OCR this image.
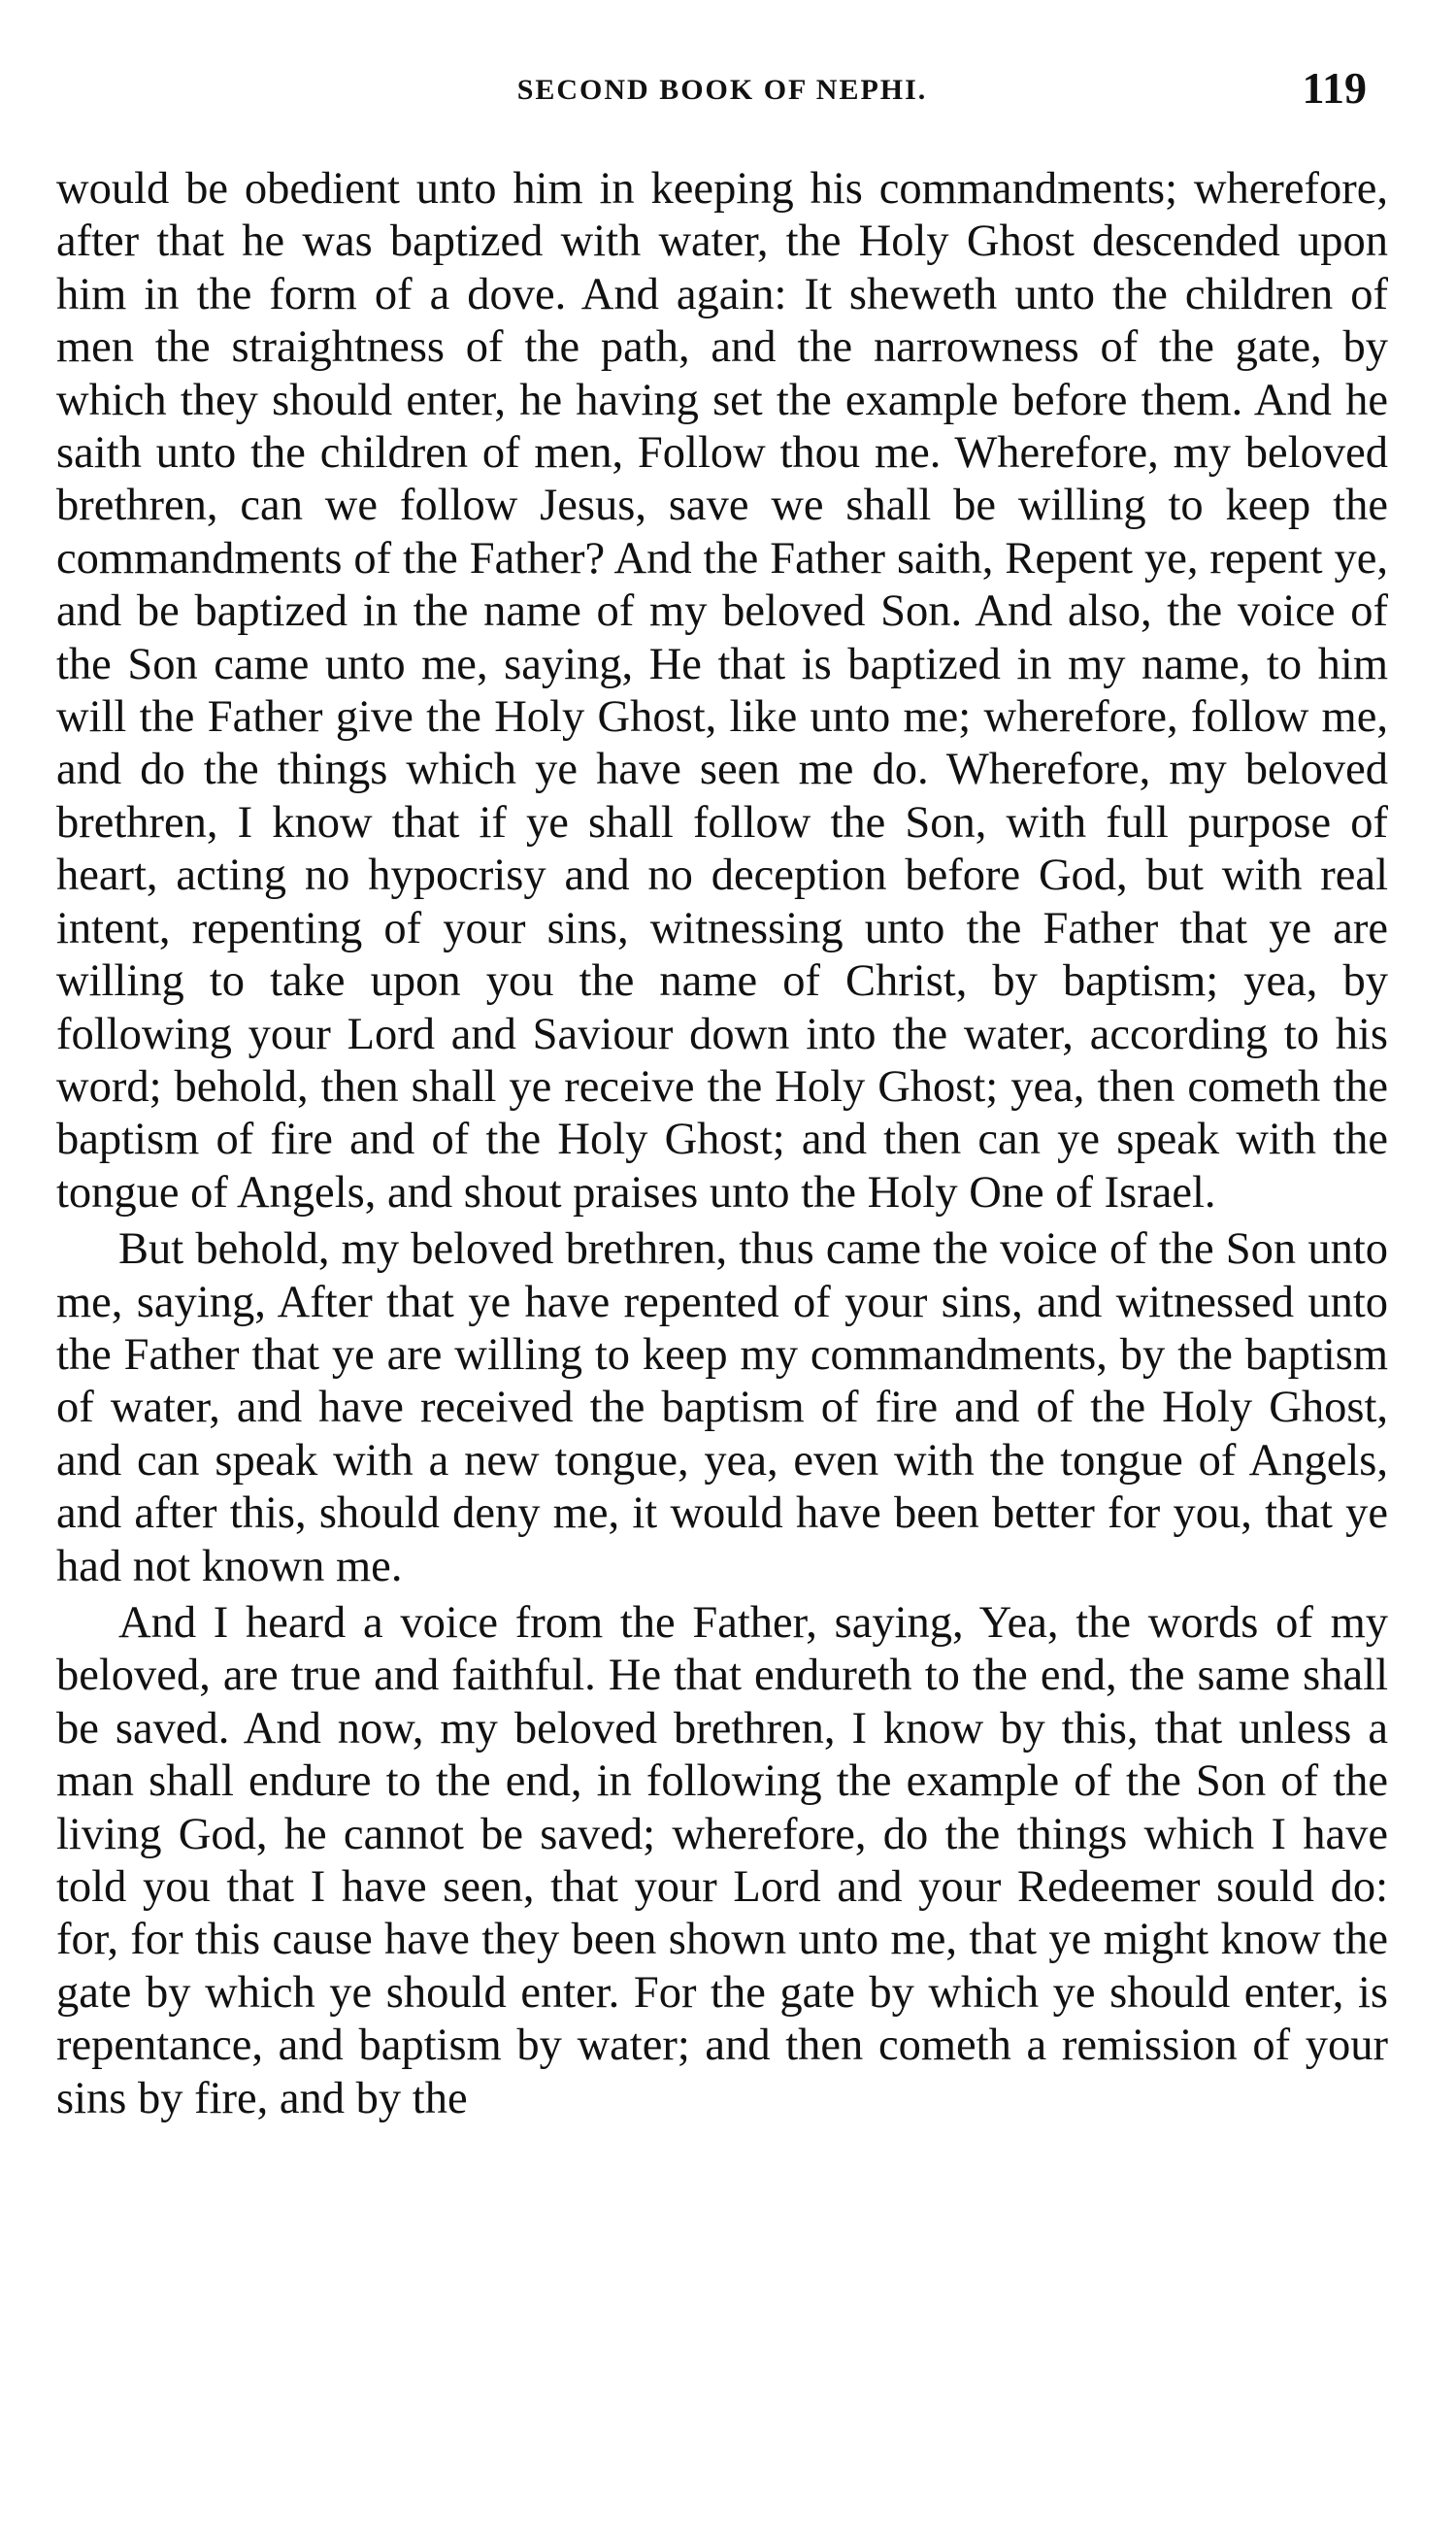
SECOND BOOK OF NEPHI.	119

would be obedient unto him in keeping his commandments; wherefore, after that he was baptized with water, the Holy Ghost descended upon him in the form of a dove. And again: It sheweth unto the children of men the straightness of the path, and the narrowness of the gate, by which they should enter, he having set the example before them. And he saith unto the children of men, Follow thou me. Wherefore, my beloved brethren, can we follow Jesus, save we shall be willing to keep the commandments of the Father? And the Father saith, Repent ye, repent ye, and be baptized in the name of my beloved Son. And also, the voice of the Son came unto me, saying, He that is baptized in my name, to him will the Father give the Holy Ghost, like unto me; wherefore, follow me, and do the things which ye have seen me do. Wherefore, my beloved brethren, I know that if ye shall follow the Son, with full purpose of heart, acting no hypocrisy and no deception before God, but with real intent, repenting of your sins, witnessing unto the Father that ye are willing to take upon you the name of Christ, by baptism; yea, by following your Lord and Saviour down into the water, according to his word; behold, then shall ye receive the Holy Ghost; yea, then cometh the baptism of fire and of the Holy Ghost; and then can ye speak with the tongue of Angels, and shout praises unto the Holy One of Israel.

But behold, my beloved brethren, thus came the voice of the Son unto me, saying, After that ye have repented of your sins, and witnessed unto the Father that ye are willing to keep my commandments, by the baptism of water, and have received the baptism of fire and of the Holy Ghost, and can speak with a new tongue, yea, even with the tongue of Angels, and after this, should deny me, it would have been better for you, that ye had not known me.

And I heard a voice from the Father, saying, Yea, the words of my beloved, are true and faithful. He that endureth to the end, the same shall be saved. And now, my beloved brethren, I know by this, that unless a man shall endure to the end, in following the example of the Son of the living God, he cannot be saved; wherefore, do the things which I have told you that I have seen, that your Lord and your Redeemer sould do: for, for this cause have they been shown unto me, that ye might know the gate by which ye should enter. For the gate by which ye should enter, is repentance, and baptism by water; and then cometh a remission of your sins by fire, and by the
